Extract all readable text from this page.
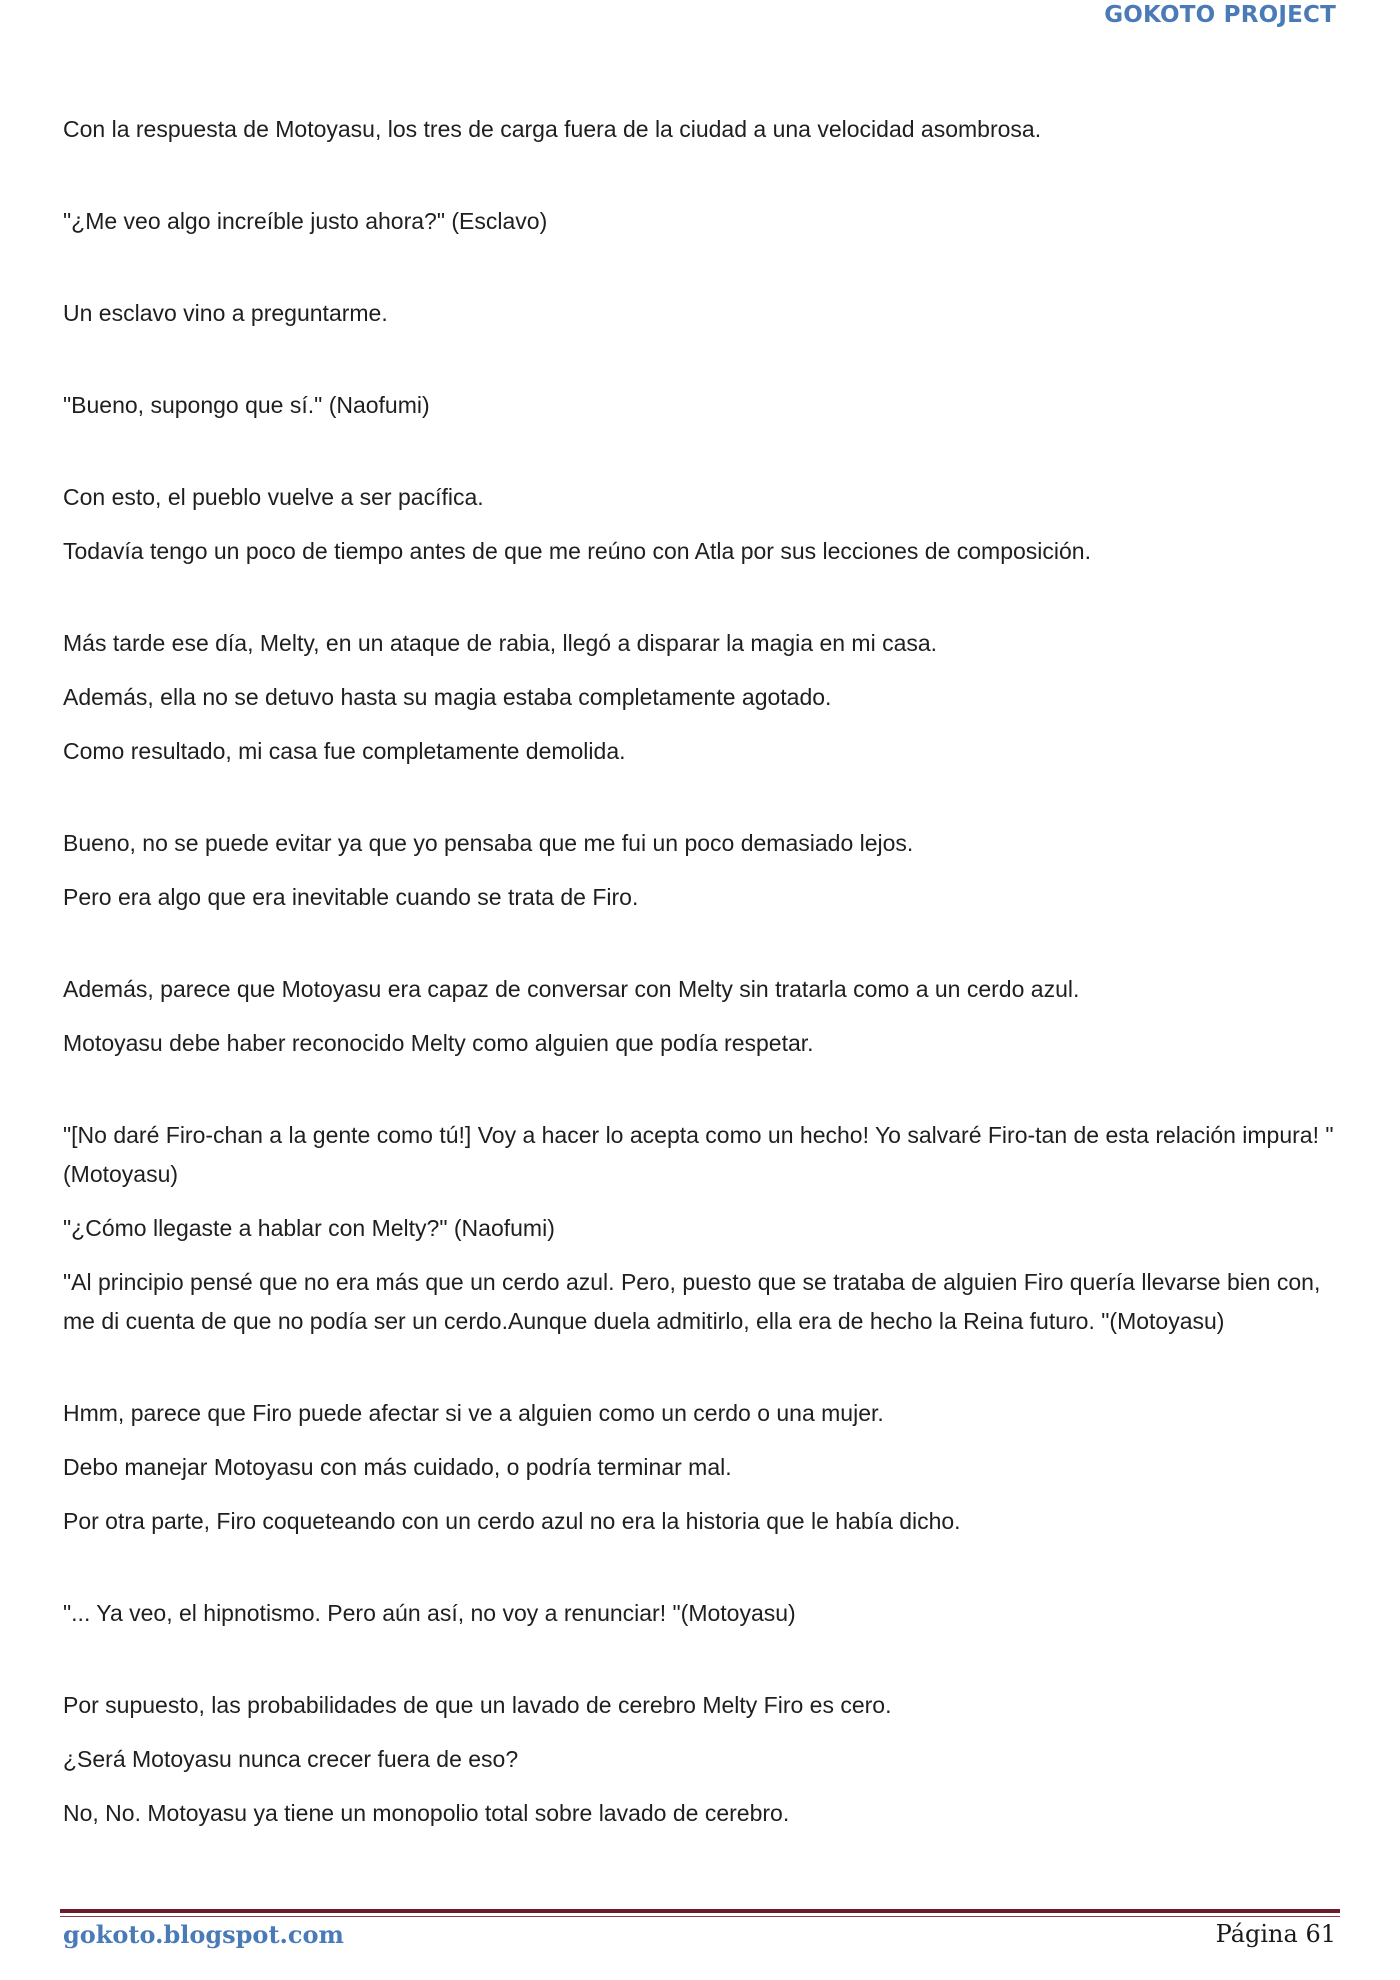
GOKOTO PROJECT

Con la respuesta de Motoyasu, los tres de carga fuera de la ciudad a una velocidad asombrosa.

"¿Me veo algo increíble justo ahora?" (Esclavo)

Un esclavo vino a preguntarme.

"Bueno, supongo que sí." (Naofumi)

Con esto, el pueblo vuelve a ser pacífica.

Todavía tengo un poco de tiempo antes de que me reúno con Atla por sus lecciones de composición.

Más tarde ese día, Melty, en un ataque de rabia, llegó a disparar la magia en mi casa.

Además, ella no se detuvo hasta su magia estaba completamente agotado.

Como resultado, mi casa fue completamente demolida.

Bueno, no se puede evitar ya que yo pensaba que me fui un poco demasiado lejos.

Pero era algo que era inevitable cuando se trata de Firo.

Además, parece que Motoyasu era capaz de conversar con Melty sin tratarla como a un cerdo azul.

Motoyasu debe haber reconocido Melty como alguien que podía respetar.

"[No daré Firo-chan a la gente como tú!] Voy a hacer lo acepta como un hecho! Yo salvaré Firo-tan de esta relación impura! "(Motoyasu)

"¿Cómo llegaste a hablar con Melty?" (Naofumi)

"Al principio pensé que no era más que un cerdo azul. Pero, puesto que se trataba de alguien Firo quería llevarse bien con, me di cuenta de que no podía ser un cerdo.Aunque duela admitirlo, ella era de hecho la Reina futuro. "(Motoyasu)

Hmm, parece que Firo puede afectar si ve a alguien como un cerdo o una mujer.

Debo manejar Motoyasu con más cuidado, o podría terminar mal.

Por otra parte, Firo coqueteando con un cerdo azul no era la historia que le había dicho.

"... Ya veo, el hipnotismo. Pero aún así, no voy a renunciar! "(Motoyasu)

Por supuesto, las probabilidades de que un lavado de cerebro Melty Firo es cero.

¿Será Motoyasu nunca crecer fuera de eso?

No, No. Motoyasu ya tiene un monopolio total sobre lavado de cerebro.

gokoto.blogspot.com	Página 61
